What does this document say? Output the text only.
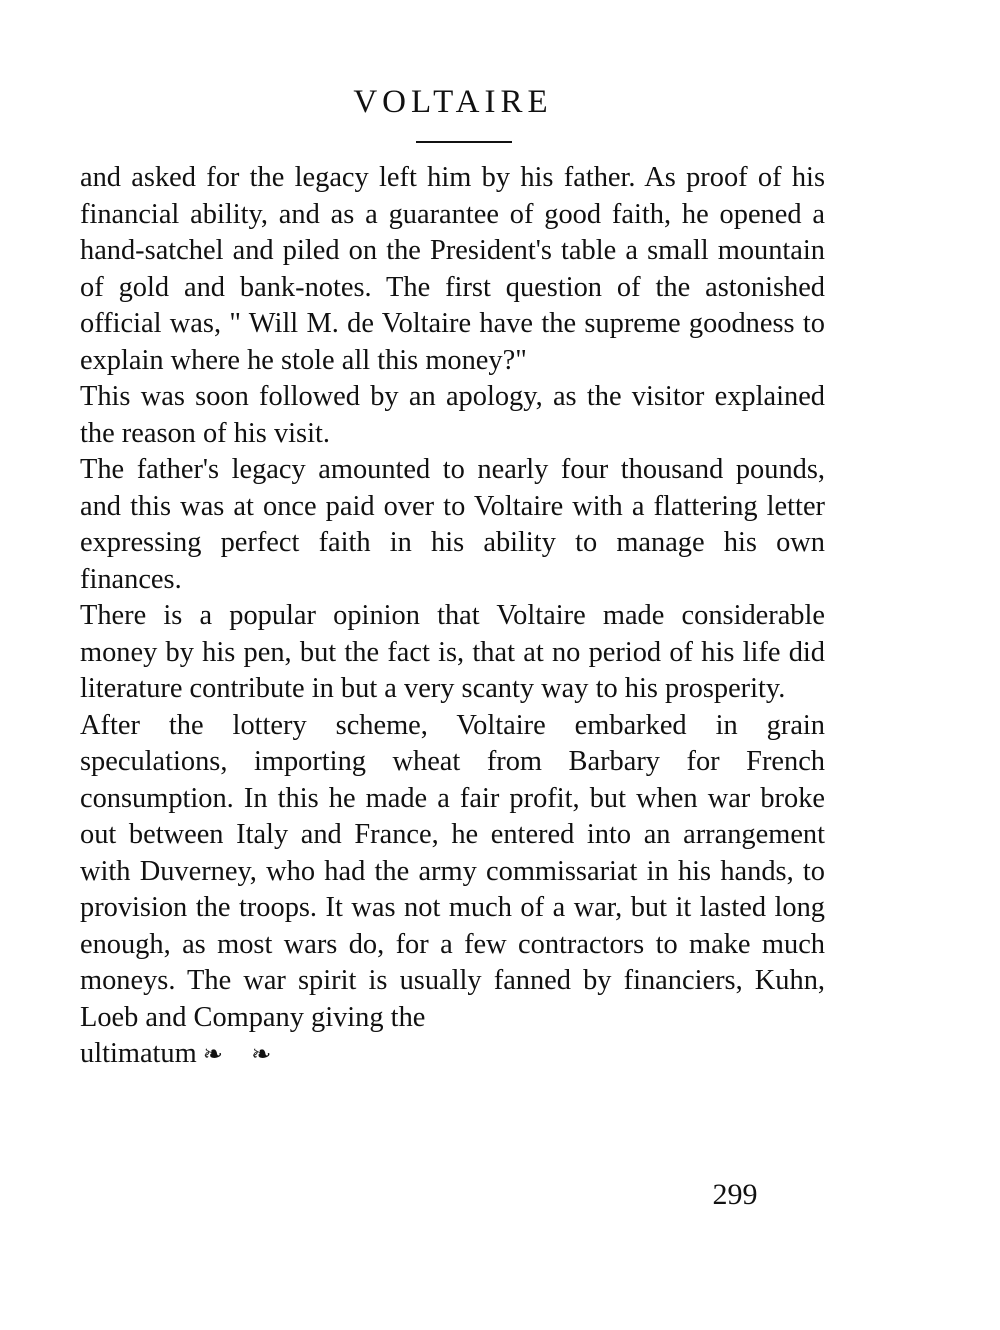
VOLTAIRE

and asked for the legacy left him by his father. As proof of his financial ability, and as a guarantee of good faith, he opened a hand-satchel and piled on the President's table a small mountain of gold and bank-notes. The first question of the astonished official was, " Will M. de Voltaire have the supreme goodness to explain where he stole all this money?"

This was soon followed by an apology, as the visitor explained the reason of his visit.

The father's legacy amounted to nearly four thousand pounds, and this was at once paid over to Voltaire with a flattering letter expressing perfect faith in his ability to manage his own finances.

There is a popular opinion that Voltaire made considerable money by his pen, but the fact is, that at no period of his life did literature contribute in but a very scanty way to his prosperity.

After the lottery scheme, Voltaire embarked in grain speculations, importing wheat from Barbary for French consumption. In this he made a fair profit, but when war broke out between Italy and France, he entered into an arrangement with Duverney, who had the army commissariat in his hands, to provision the troops. It was not much of a war, but it lasted long enough, as most wars do, for a few contractors to make much moneys. The war spirit is usually fanned by financiers, Kuhn, Loeb and Company giving the

ultimatum ❧ ❧

299
